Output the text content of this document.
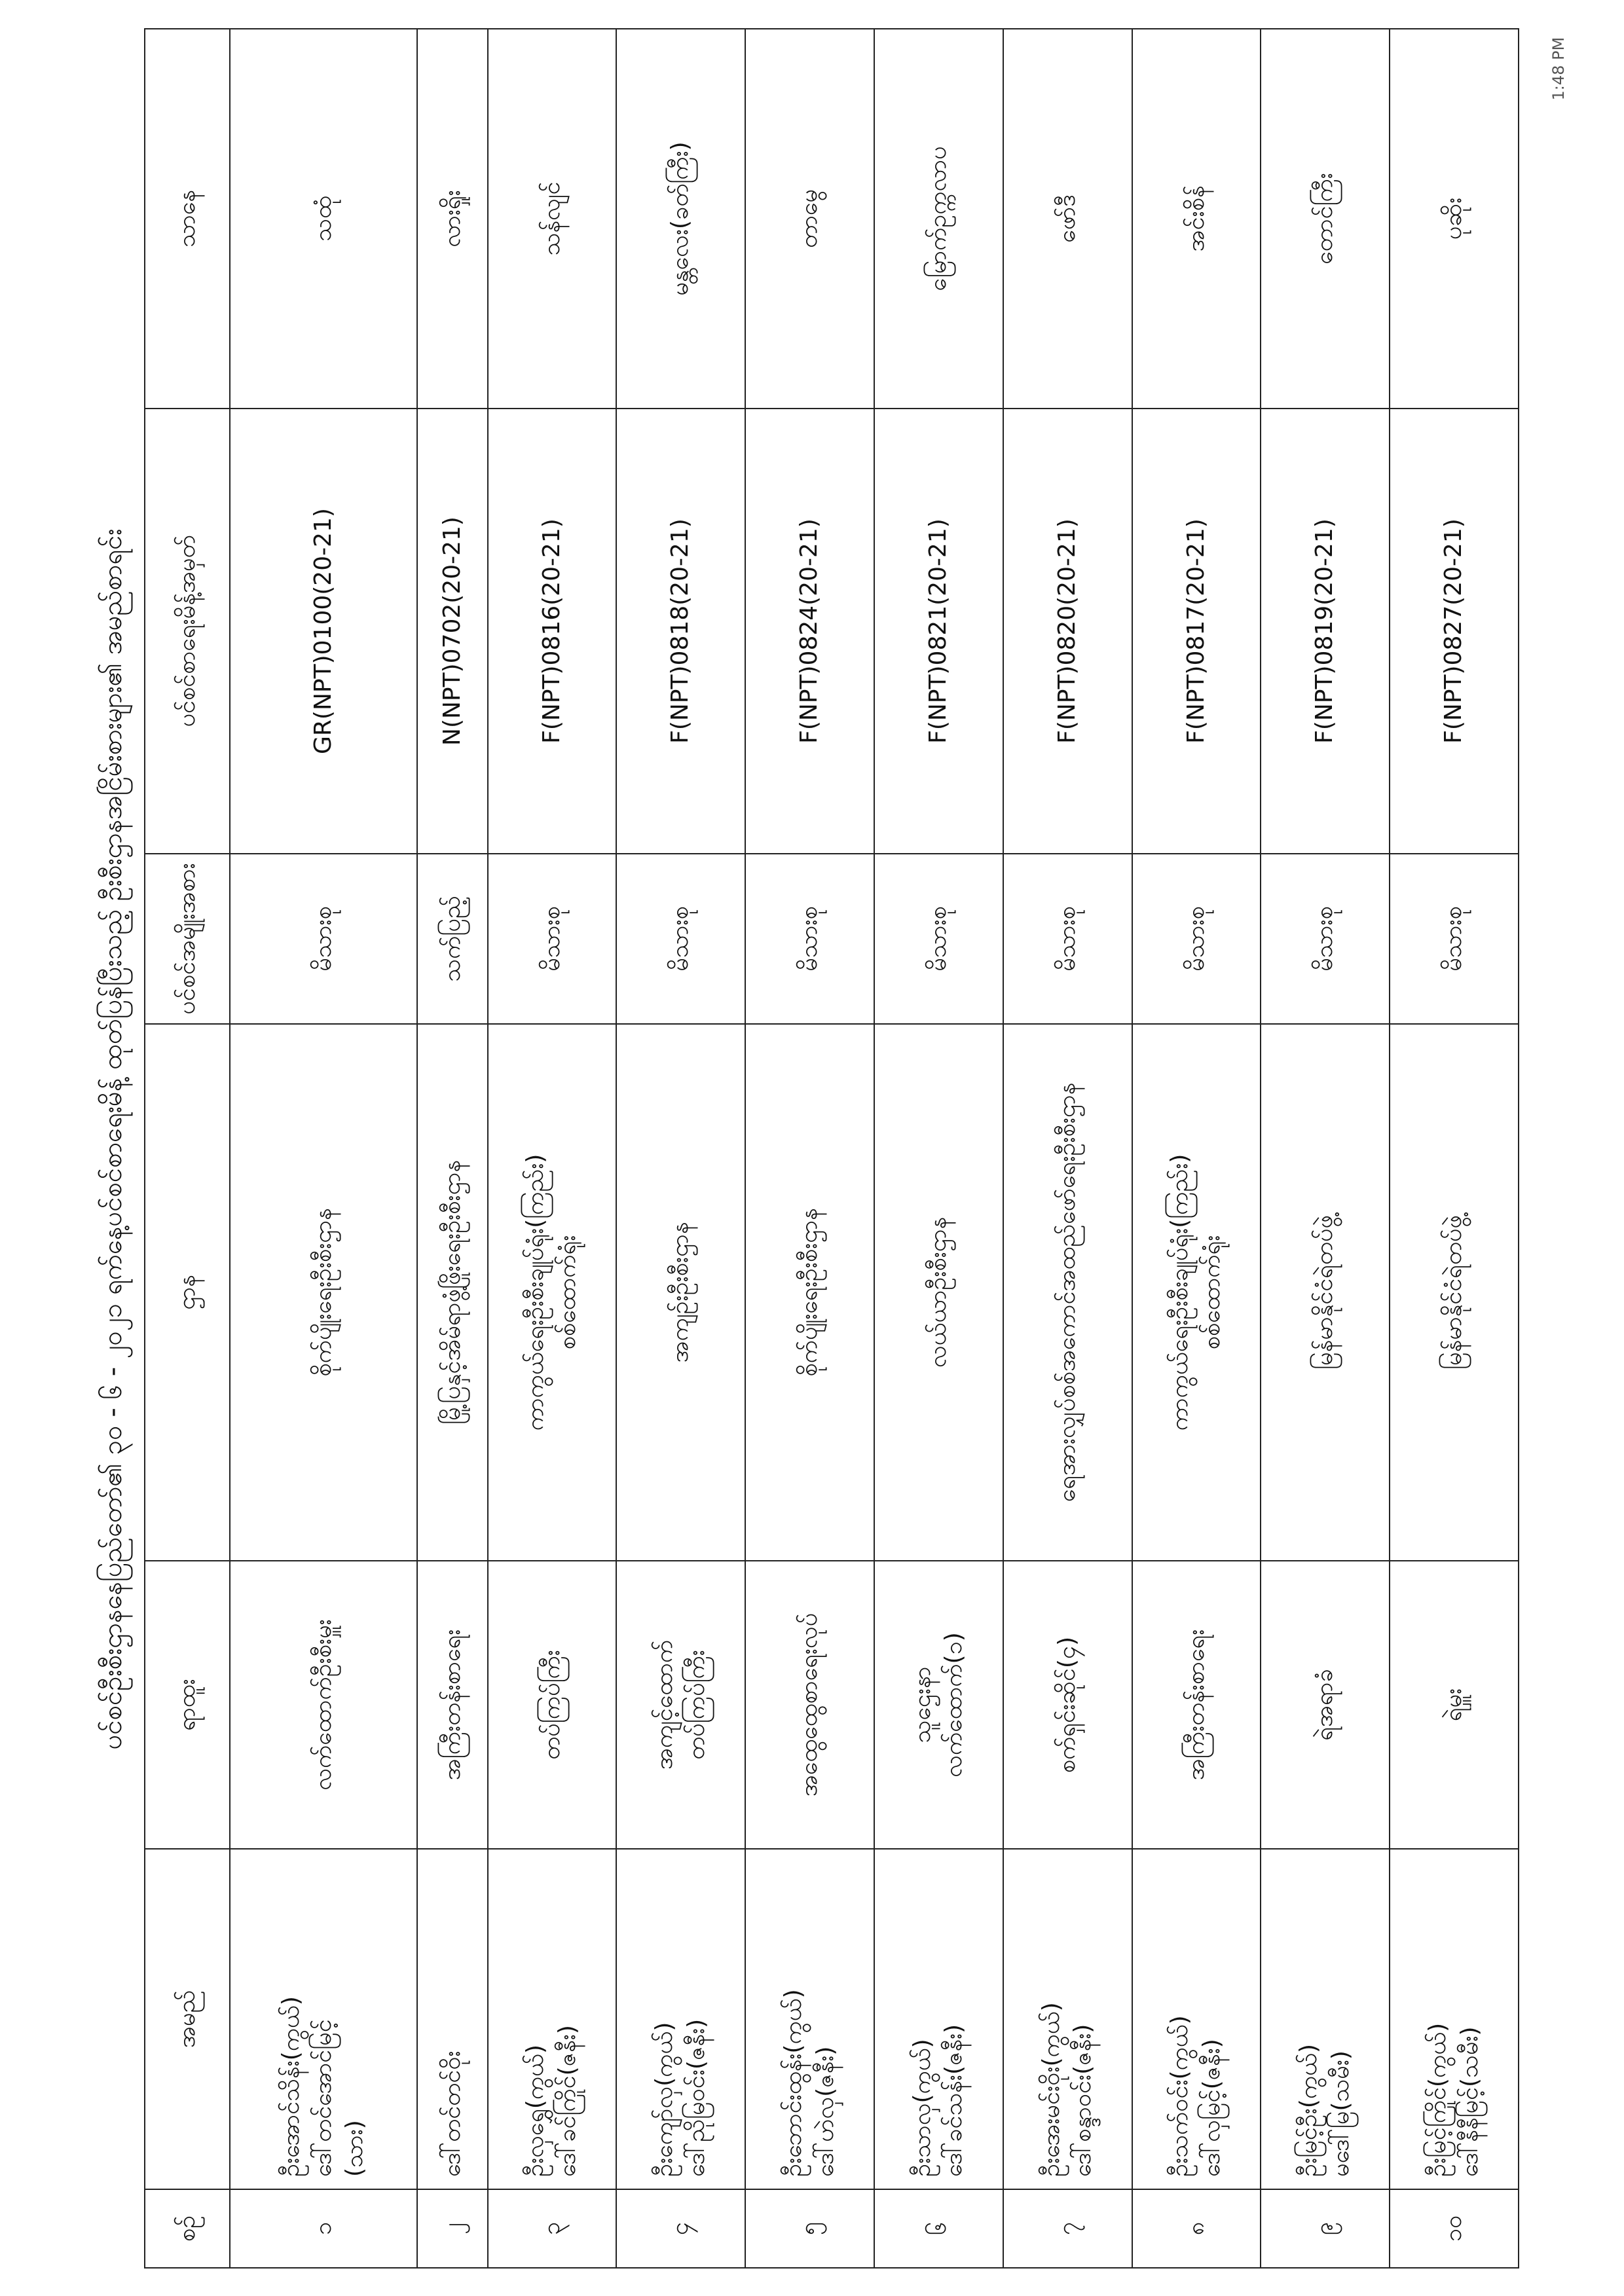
ပင်စင်ဦးစီးဌာနနေပြည်တော်၏ ၃၀ - ၆ - ၂၀၂၁ ရက်နေ့ပင်စင်စာရေးမိန့် ထုတ်ပြန်ပြီးသည့် ဦးစီးဌာနအငြိမ်းစားများ၏ အမည်စာရင်း
1:48 PM
စဉ်	အမည်	ရာထူး	ဌာန	ပင်စင်အမျိုးအစား	ပင်စင်စာရေးမိန့်အမှတ်	သာနေ
၁	ဦးအောင်သိန်း(ကွယ်) ဒေါ်တင်အောင်မြင့် (သား)	လက်ထောက်ဦးစီးမှူး	စိုက်ပျိုးရေးဦးစီးဌာန	မိသားစု	GR(NPT)0100(20-21)	သထုံ
၂	ဒေါ်တင်တင်ဝိုး	အကြီးတန်းစာရေး	မြို့ပြနှင့်အိမ်ရာဖွံ့ဖြိုးရေးဦးစီးဌာန	သက်ပြည့်	N(NPT)0702(20-21)	လားရှိုး
၃	ဦးလှရွှေ(ကွယ်) ဒေါ်ခင်ကြိုင်(ဇနီး)	တပ်ကြပ်ကြီး	ကာကွယ်ရေးဦးစီးချုပ်ရုံး(ကြည်း) စစ်ထောက်ရုံး	မိသားစု	F(NPT)0816(20-21)	သန်လျင်
၄	ဦးကျော်လှ(ကွယ်) ဒေါ်ညိုမြဝင်း(ဇနီး)	အကျင့်ထောက် တပ်ကြပ်ကြီး	အကျဉ်းဦးစီးဌာန	မိသားစု	F(NPT)0818(20-21)	မန္တလေး(ခတ်ကြီး)
၅	ဦးဘောင်းထွန်း(ကွယ်) ဒေါ်ဟဲလှ(ဇနီး)	အထွေထွေစာရေးလုပ်	စိုက်ပျိုးရေးဦးစီးဌာန	မိသားစု	F(NPT)0824(20-21)	တာမွေ
၆	ဦးသာလှ(ကွယ်) ဒေါ်ခင်သန်း(ဇနီး)	သူဌေးနာ လက်ထောက်(၁)	လယ်ယာဦးစီးဌာန	မိသားစု	F(NPT)0821(20-21)	မြောက်ဥက္ကလာပ
၇	ဦးအေးမင်းဝိုး(ကွယ်) ဒေါ်စန္ဒာဝင်း(ဇနီး)	စက်ရှင်းဆိုင်(၄)	ရေအားလျှပ်စစ်အကောင်အထည်ဖော်ရေးဦးစီးဌာန	မိသားစု	F(NPT)0820(20-21)	ဖော်ဒီ
၈	ဦးသက်ဝင်း(ကွယ်) ဒေါ်လှမြင့်(ဇနီး)	အကြီးတန်းစာရေး	ကာကွယ်ရေးဦးစီးချုပ်ရုံး(ကြည်း) စစ်ထောက်ရုံး	မိသားစု	F(NPT)0817(20-21)	အင်းစိန်
၉	ဦးမြင့်ဦး(ကွယ်) မဒေါ်မြ(သမီး)	ရဲအရာခံ	မြန်မာနိုင်ငံရဲတပ်ဖွဲ့	မိသားစု	F(NPT)0819(20-21)	တောင်ကြီး
၁၀	ဦးမြင့်ကြိုင်(ကွယ်) ဒေါ်နီနီမြင့်(သမီး)	ရဲမှူး	မြန်မာနိုင်ငံရဲတပ်ဖွဲ့	မိသားစု	F(NPT)0827(20-21)	ပုဆိုး
